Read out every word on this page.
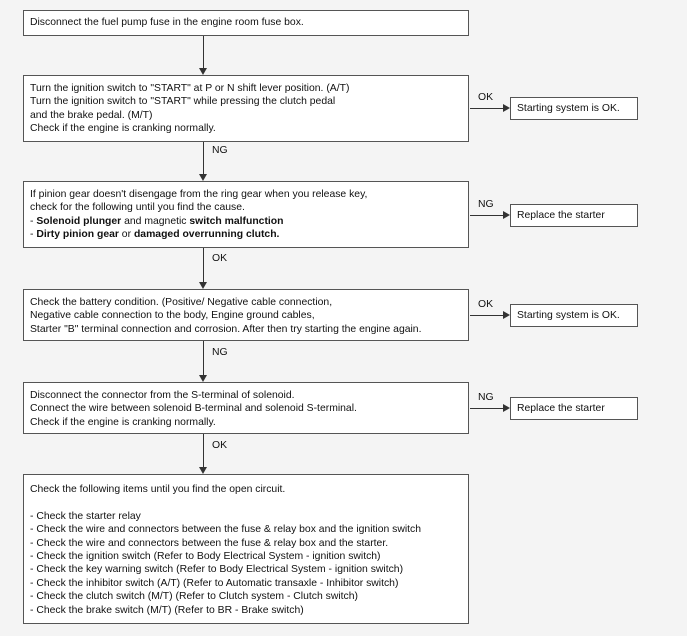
Disconnect the fuel pump fuse in the engine room fuse box.
Turn the ignition switch to "START" at P or N shift lever position. (A/T)
Turn the ignition switch to "START" while pressing the clutch pedal
and the brake pedal. (M/T)
Check if the engine is cranking normally.
If pinion gear doesn't disengage from the ring gear when you release key,
check for the following until you find the cause.
- Solenoid plunger and magnetic switch malfunction
- Dirty pinion gear or damaged overrunning clutch.
Check the battery condition. (Positive/ Negative cable connection,
Negative cable connection to the body, Engine ground cables,
Starter "B" terminal connection and corrosion. After then try starting the engine again.
Disconnect the connector from the S-terminal of solenoid.
Connect the wire between solenoid B-terminal and solenoid S-terminal.
Check if the engine is cranking normally.
Check the following items until you find the open circuit.
- Check the starter relay
- Check the wire and connectors between the fuse & relay box and the ignition switch
- Check the wire and connectors between the fuse & relay box and the starter.
- Check the ignition switch (Refer to Body Electrical System - ignition switch)
- Check the key warning switch (Refer to Body Electrical System - ignition switch)
- Check the inhibitor switch (A/T) (Refer to Automatic transaxle - Inhibitor switch)
- Check the clutch switch (M/T) (Refer to Clutch system - Clutch switch)
- Check the brake switch (M/T) (Refer to BR - Brake switch)
NG
OK
NG
OK
OK
Starting system is OK.
NG
Replace the starter
OK
Starting system is OK.
NG
Replace the starter
